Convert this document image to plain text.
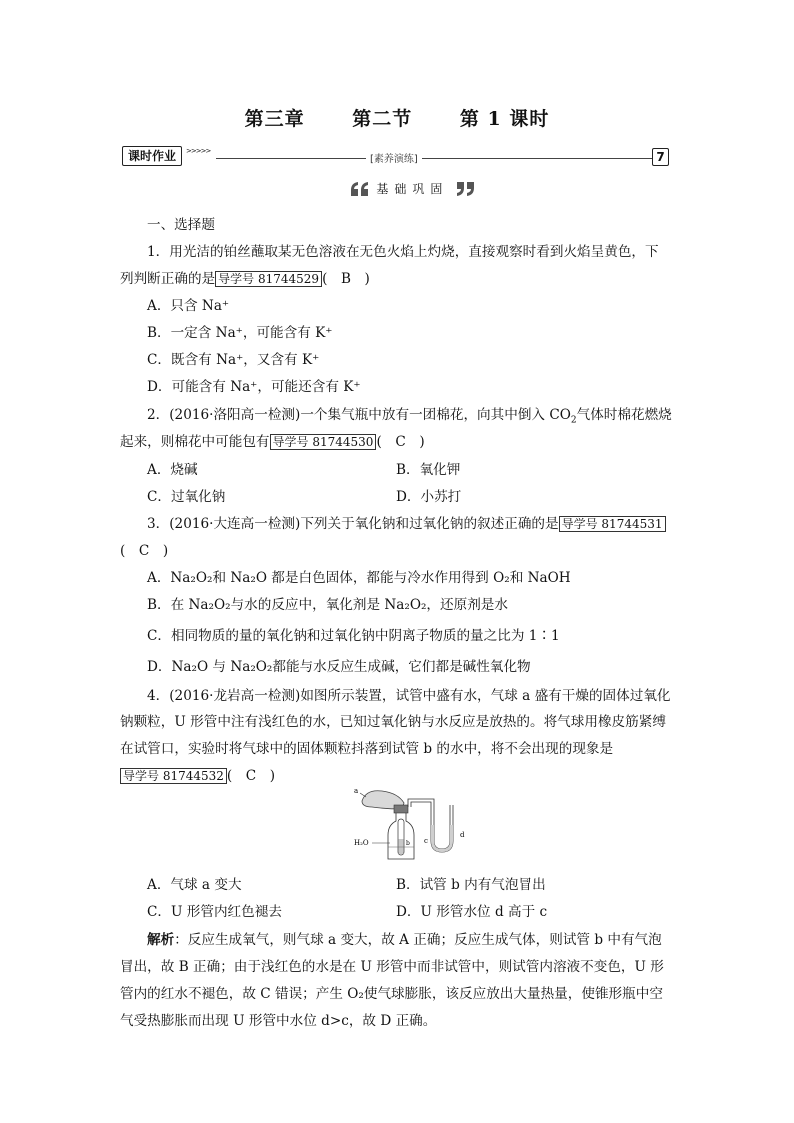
第三章	第二节	第 1 课时
课时作业	>>>>>
[素养演练]	7
基础巩固
一、选择题
1．用光洁的铂丝蘸取某无色溶液在无色火焰上灼烧，直接观察时看到火焰呈黄色，下
列判断正确的是 导学号 81744529 (　B　)
A．只含 Na⁺
B．一定含 Na⁺，可能含有 K⁺
C．既含有 Na⁺，又含有 K⁺
D．可能含有 Na⁺，可能还含有 K⁺
2．(2016·洛阳高一检测)一个集气瓶中放有一团棉花，向其中倒入 $CO_2$气体时棉花燃烧
起来，则棉花中可能包有 导学号 81744530 (　C　)
A．烧碱	B．氧化钾
C．过氧化钠	D．小苏打
3．(2016·大连高一检测)下列关于氧化钠和过氧化钠的叙述正确的是 导学号 81744531
(　C　)
A．Na₂O₂和 Na₂O 都是白色固体，都能与冷水作用得到 O₂和 NaOH
B．在 Na₂O₂与水的反应中，氧化剂是 Na₂O₂，还原剂是水
C．相同物质的量的氧化钠和过氧化钠中阴离子物质的量之比为 1∶1
D．Na₂O 与 Na₂O₂都能与水反应生成碱，它们都是碱性氧化物
4．(2016·龙岩高一检测)如图所示装置，试管中盛有水，气球 a 盛有干燥的固体过氧化
钠颗粒，U 形管中注有浅红色的水，已知过氧化钠与水反应是放热的。将气球用橡皮筋紧缚
在试管口，实验时将气球中的固体颗粒抖落到试管 b 的水中，将不会出现的现象是
导学号 81744532 (　C　)
a
b
H₂O	c
d
A．气球 a 变大	B．试管 b 内有气泡冒出
C．U 形管内红色褪去	D．U 形管水位 d 高于 c
解析：反应生成氧气，则气球 a 变大，故 A 正确；反应生成气体，则试管 b 中有气泡
冒出，故 B 正确；由于浅红色的水是在 U 形管中而非试管中，则试管内溶液不变色，U 形
管内的红水不褪色，故 C 错误；产生 O₂使气球膨胀，该反应放出大量热量，使锥形瓶中空
气受热膨胀而出现 U 形管中水位 d>c，故 D 正确。
